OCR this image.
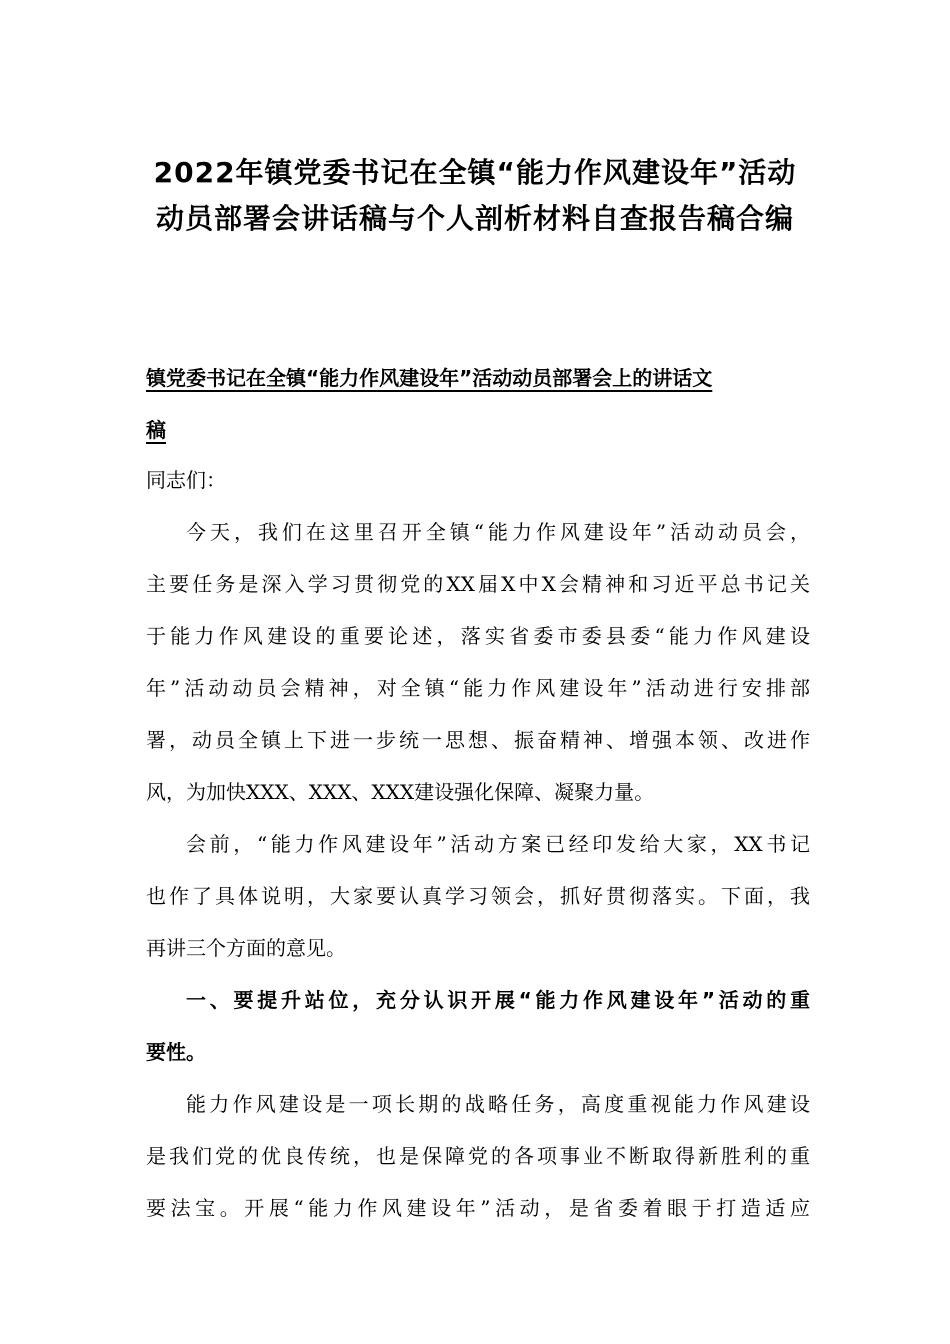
2022年镇党委书记在全镇“能力作风建设年”活动
动员部署会讲话稿与个人剖析材料自查报告稿合编
镇党委书记在全镇“能力作风建设年”活动动员部署会上的讲话文
稿
同志们：
今天，我们在这里召开全镇“能力作风建设年”活动动员会，
主要任务是深入学习贯彻党的XX届X中X会精神和习近平总书记关
于能力作风建设的重要论述，落实省委市委县委“能力作风建设
年”活动动员会精神，对全镇“能力作风建设年”活动进行安排部
署，动员全镇上下进一步统一思想、振奋精神、增强本领、改进作
风，为加快XXX、XXX、XXX建设强化保障、凝聚力量。
会前，“能力作风建设年”活动方案已经印发给大家，XX书记
也作了具体说明，大家要认真学习领会，抓好贯彻落实。下面，我
再讲三个方面的意见。
一、要提升站位，充分认识开展“能力作风建设年”活动的重
要性。
能力作风建设是一项长期的战略任务，高度重视能力作风建设
是我们党的优良传统，也是保障党的各项事业不断取得新胜利的重
要法宝。开展“能力作风建设年”活动，是省委着眼于打造适应
